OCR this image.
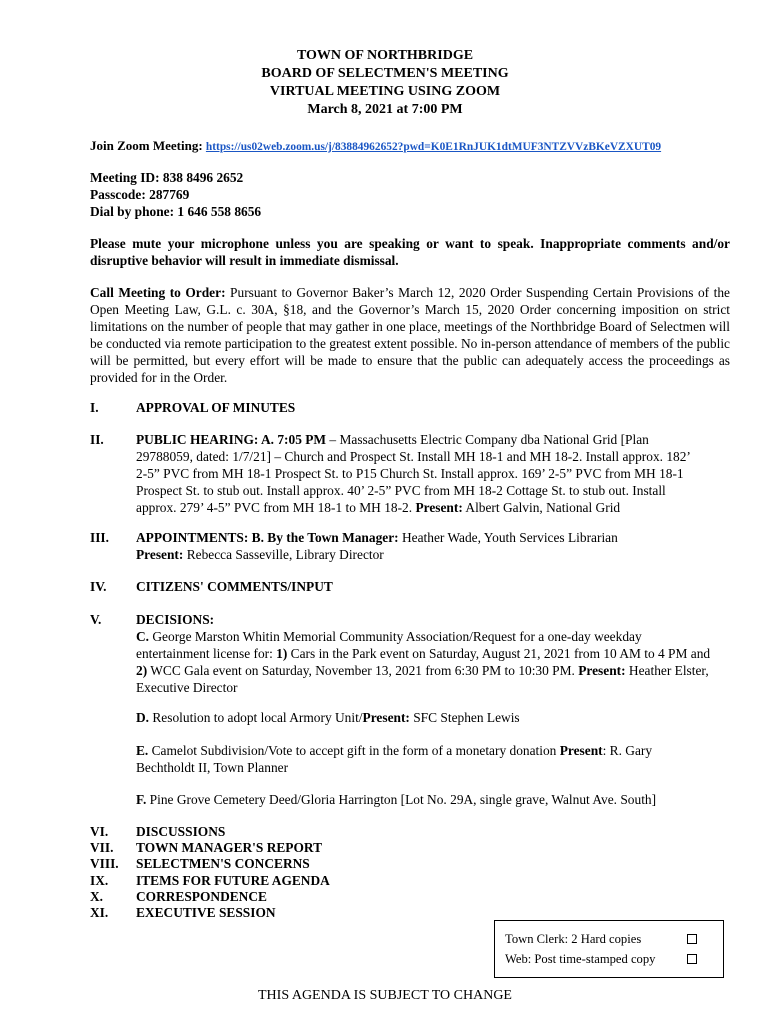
TOWN OF NORTHBRIDGE
BOARD OF SELECTMEN'S MEETING
VIRTUAL MEETING USING ZOOM
March 8, 2021 at 7:00 PM
Join Zoom Meeting: https://us02web.zoom.us/j/83884962652?pwd=K0E1RnJUK1dtMUF3NTZVVzBKeVZXUT09
Meeting ID: 838 8496 2652
Passcode: 287769
Dial by phone: 1 646 558 8656
Please mute your microphone unless you are speaking or want to speak. Inappropriate comments and/or disruptive behavior will result in immediate dismissal.
Call Meeting to Order: Pursuant to Governor Baker’s March 12, 2020 Order Suspending Certain Provisions of the Open Meeting Law, G.L. c. 30A, §18, and the Governor’s March 15, 2020 Order concerning imposition on strict limitations on the number of people that may gather in one place, meetings of the Northbridge Board of Selectmen will be conducted via remote participation to the greatest extent possible. No in-person attendance of members of the public will be permitted, but every effort will be made to ensure that the public can adequately access the proceedings as provided for in the Order.
I.	APPROVAL OF MINUTES
II. PUBLIC HEARING: A. 7:05 PM – Massachusetts Electric Company dba National Grid [Plan 29788059, dated: 1/7/21] – Church and Prospect St. Install MH 18-1 and MH 18-2. Install approx. 182’ 2-5” PVC from MH 18-1 Prospect St. to P15 Church St. Install approx. 169’ 2-5” PVC from MH 18-1 Prospect St. to stub out. Install approx. 40’ 2-5” PVC from MH 18-2 Cottage St. to stub out. Install approx. 279’ 4-5” PVC from MH 18-1 to MH 18-2. Present: Albert Galvin, National Grid
III. APPOINTMENTS: B. By the Town Manager: Heather Wade, Youth Services Librarian
Present: Rebecca Sasseville, Library Director
IV. CITIZENS' COMMENTS/INPUT
V.	DECISIONS:
C. George Marston Whitin Memorial Community Association/Request for a one-day weekday entertainment license for: 1) Cars in the Park event on Saturday, August 21, 2021 from 10 AM to 4 PM and 2) WCC Gala event on Saturday, November 13, 2021 from 6:30 PM to 10:30 PM. Present: Heather Elster, Executive Director
D. Resolution to adopt local Armory Unit/Present: SFC Stephen Lewis
E. Camelot Subdivision/Vote to accept gift in the form of a monetary donation Present: R. Gary Bechtholdt II, Town Planner
F. Pine Grove Cemetery Deed/Gloria Harrington [Lot No. 29A, single grave, Walnut Ave. South]
VI. DISCUSSIONS
VII. TOWN MANAGER'S REPORT
VIII. SELECTMEN'S CONCERNS
IX. ITEMS FOR FUTURE AGENDA
X. CORRESPONDENCE
XI. EXECUTIVE SESSION
Town Clerk: 2 Hard copies
Web: Post time-stamped copy
THIS AGENDA IS SUBJECT TO CHANGE
